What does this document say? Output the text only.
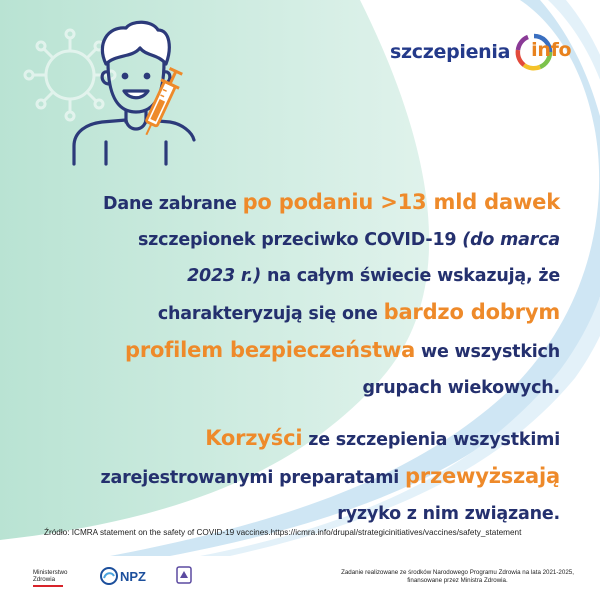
szczepienia info
Dane zabrane po podaniu >13 mld dawek
szczepionek przeciwko COVID-19 (do marca
2023 r.) na całym świecie wskazują, że
charakteryzują się one bardzo dobrym
profilem bezpieczeństwa we wszystkich
grupach wiekowych.
Korzyści ze szczepienia wszystkimi
zarejestrowanymi preparatami przewyższają
ryzyko z nim związane.
Źródło: ICMRA statement on the safety of COVID-19 vaccines.https://icmra.info/drupal/strategicinitiatives/vaccines/safety_statement
Ministerstwo
Zdrowia	NPZ	Zadanie realizowane ze środków Narodowego Programu Zdrowia na lata 2021-2025,
finansowane przez Ministra Zdrowia.
